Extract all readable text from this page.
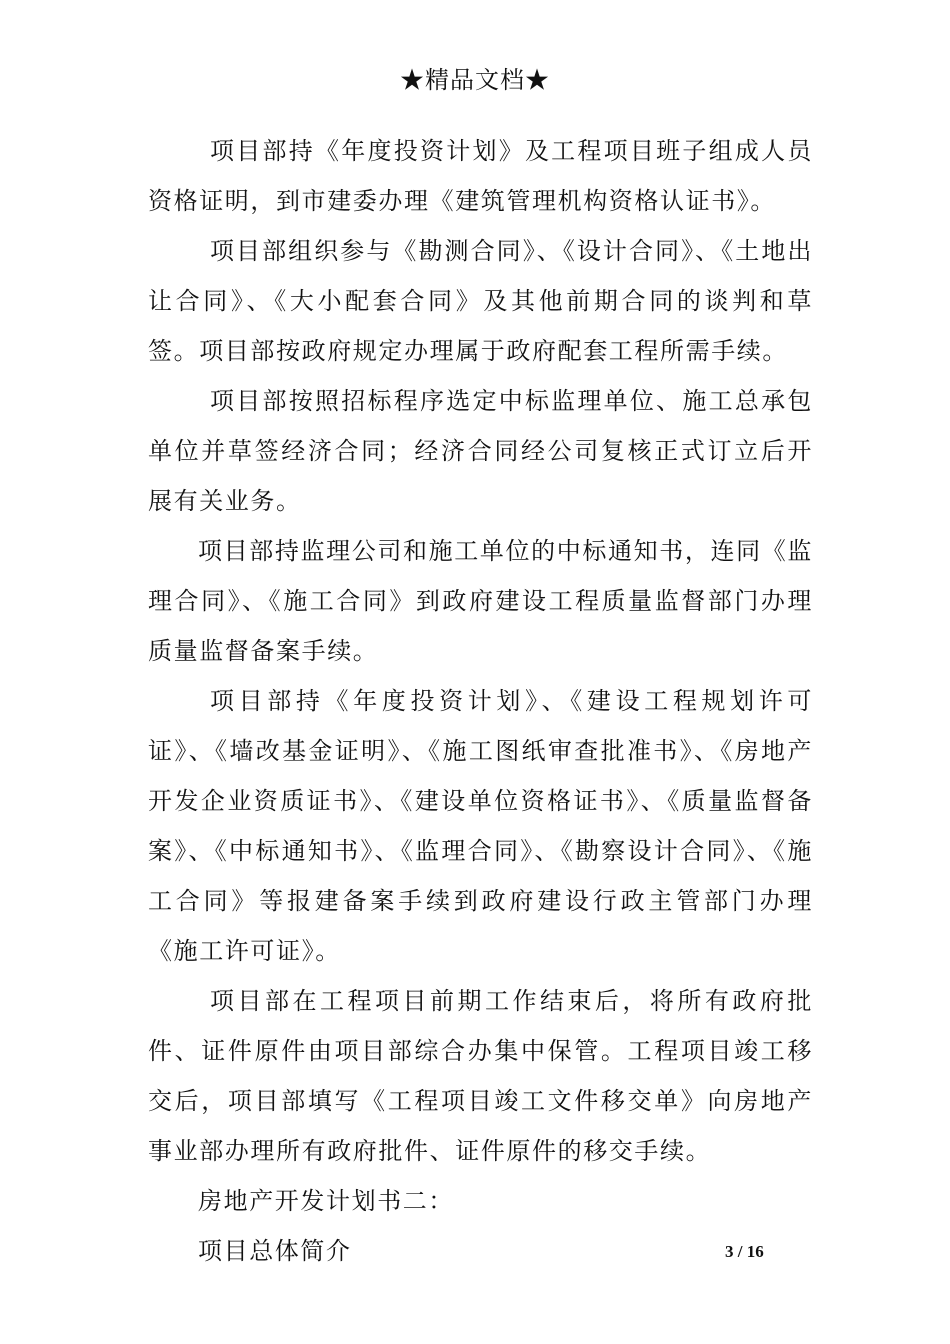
★精品文档★

项目部持《年度投资计划》及工程项目班子组成人员资格证明，到市建委办理《建筑管理机构资格认证书》。

项目部组织参与《勘测合同》、《设计合同》、《土地出让合同》、《大小配套合同》及其他前期合同的谈判和草签。项目部按政府规定办理属于政府配套工程所需手续。

项目部按照招标程序选定中标监理单位、施工总承包单位并草签经济合同；经济合同经公司复核正式订立后开展有关业务。

项目部持监理公司和施工单位的中标通知书，连同《监理合同》、《施工合同》到政府建设工程质量监督部门办理质量监督备案手续。

项目部持《年度投资计划》、《建设工程规划许可证》、《墙改基金证明》、《施工图纸审查批准书》、《房地产开发企业资质证书》、《建设单位资格证书》、《质量监督备案》、《中标通知书》、《监理合同》、《勘察设计合同》、《施工合同》等报建备案手续到政府建设行政主管部门办理《施工许可证》。

项目部在工程项目前期工作结束后，将所有政府批件、证件原件由项目部综合办集中保管。工程项目竣工移交后，项目部填写《工程项目竣工文件移交单》向房地产事业部办理所有政府批件、证件原件的移交手续。

房地产开发计划书二：

项目总体简介	3 / 16
